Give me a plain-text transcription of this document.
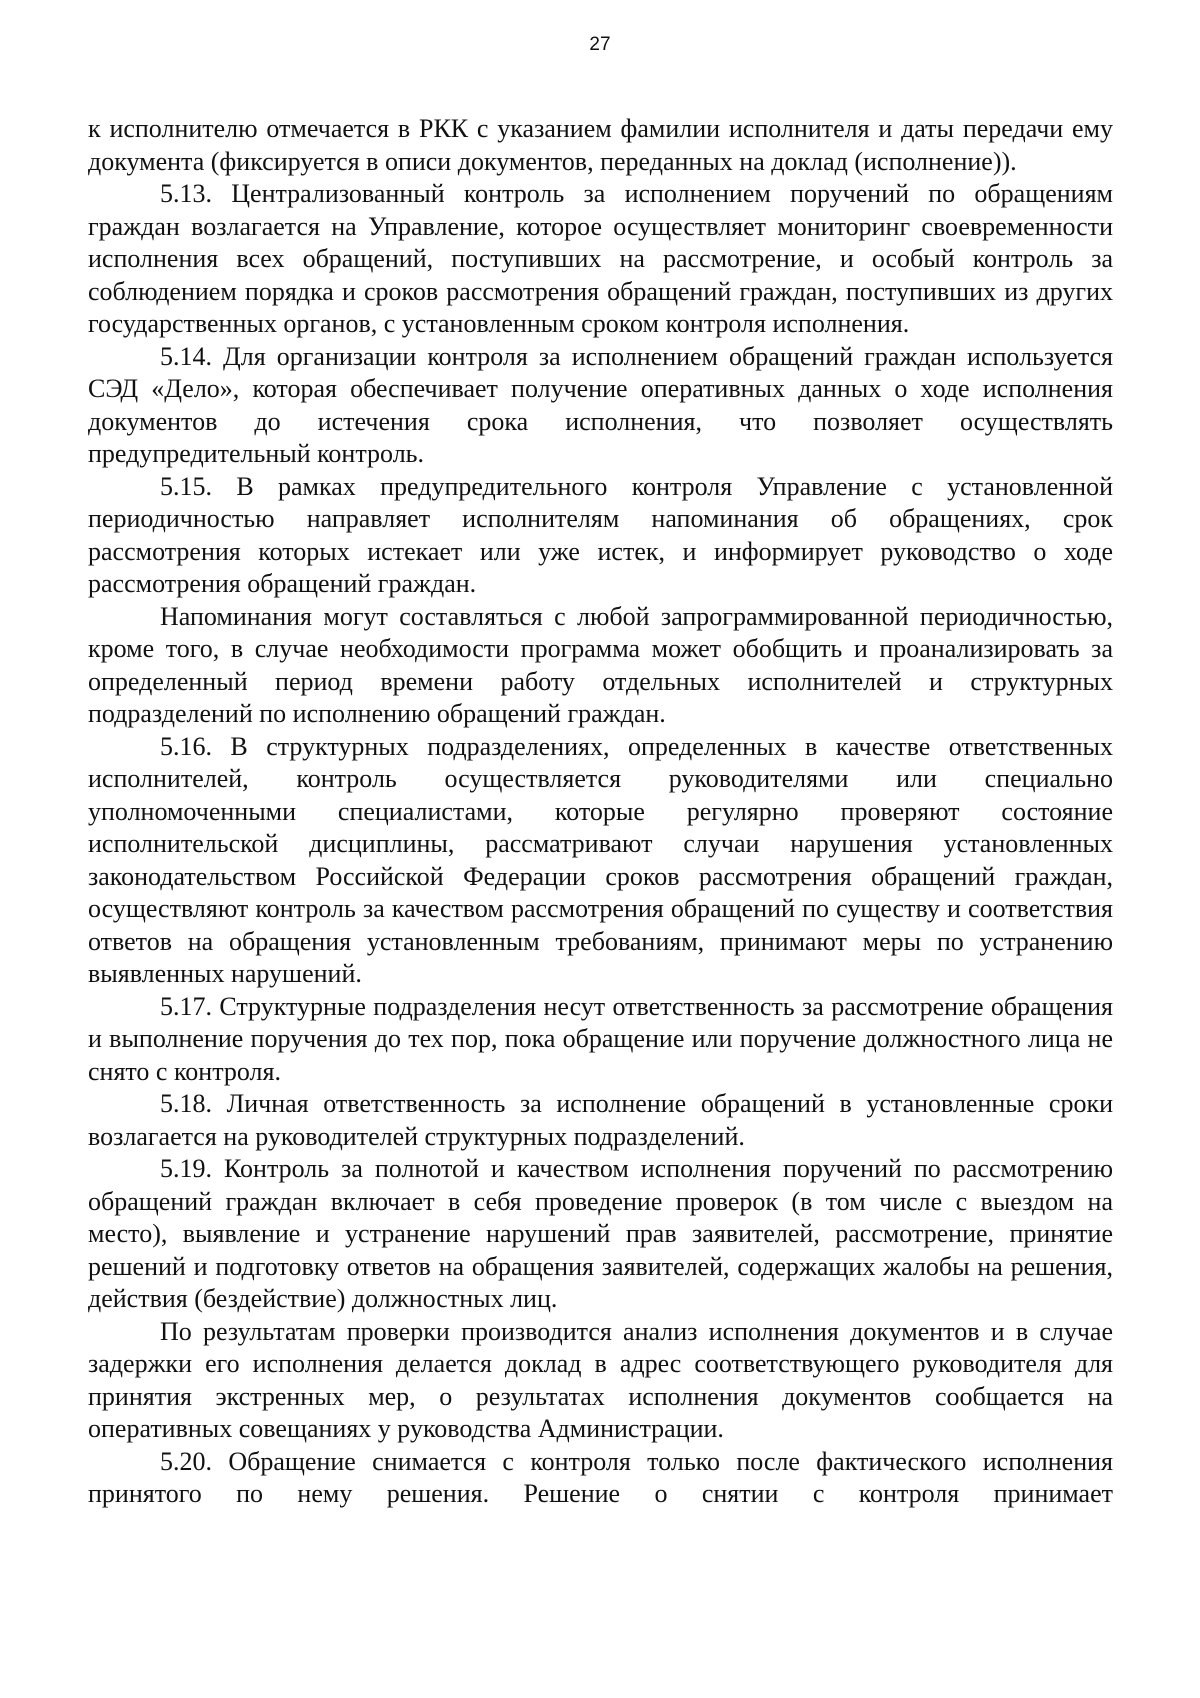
27

к исполнителю отмечается в РКК с указанием фамилии исполнителя и даты передачи ему документа (фиксируется в описи документов, переданных на доклад (исполнение)).

5.13. Централизованный контроль за исполнением поручений по обращениям граждан возлагается на Управление, которое осуществляет мониторинг своевременности исполнения всех обращений, поступивших на рассмотрение, и особый контроль за соблюдением порядка и сроков рассмотрения обращений граждан, поступивших из других государственных органов, с установленным сроком контроля исполнения.

5.14. Для организации контроля за исполнением обращений граждан используется СЭД «Дело», которая обеспечивает получение оперативных данных о ходе исполнения документов до истечения срока исполнения, что позволяет осуществлять предупредительный контроль.

5.15. В рамках предупредительного контроля Управление с установленной периодичностью направляет исполнителям напоминания об обращениях, срок рассмотрения которых истекает или уже истек, и информирует руководство о ходе рассмотрения обращений граждан.

Напоминания могут составляться с любой запрограммированной периодичностью, кроме того, в случае необходимости программа может обобщить и проанализировать за определенный период времени работу отдельных исполнителей и структурных подразделений по исполнению обращений граждан.

5.16. В структурных подразделениях, определенных в качестве ответственных исполнителей, контроль осуществляется руководителями или специально уполномоченными специалистами, которые регулярно проверяют состояние исполнительской дисциплины, рассматривают случаи нарушения установленных законодательством Российской Федерации сроков рассмотрения обращений граждан, осуществляют контроль за качеством рассмотрения обращений по существу и соответствия ответов на обращения установленным требованиям, принимают меры по устранению выявленных нарушений.

5.17. Структурные подразделения несут ответственность за рассмотрение обращения и выполнение поручения до тех пор, пока обращение или поручение должностного лица не снято с контроля.

5.18. Личная ответственность за исполнение обращений в установленные сроки возлагается на руководителей структурных подразделений.

5.19. Контроль за полнотой и качеством исполнения поручений по рассмотрению обращений граждан включает в себя проведение проверок (в том числе с выездом на место), выявление и устранение нарушений прав заявителей, рассмотрение, принятие решений и подготовку ответов на обращения заявителей, содержащих жалобы на решения, действия (бездействие) должностных лиц.

По результатам проверки производится анализ исполнения документов и в случае задержки его исполнения делается доклад в адрес соответствующего руководителя для принятия экстренных мер, о результатах исполнения документов сообщается на оперативных совещаниях у руководства Администрации.

5.20. Обращение снимается с контроля только после фактического исполнения принятого по нему решения. Решение о снятии с контроля принимает
